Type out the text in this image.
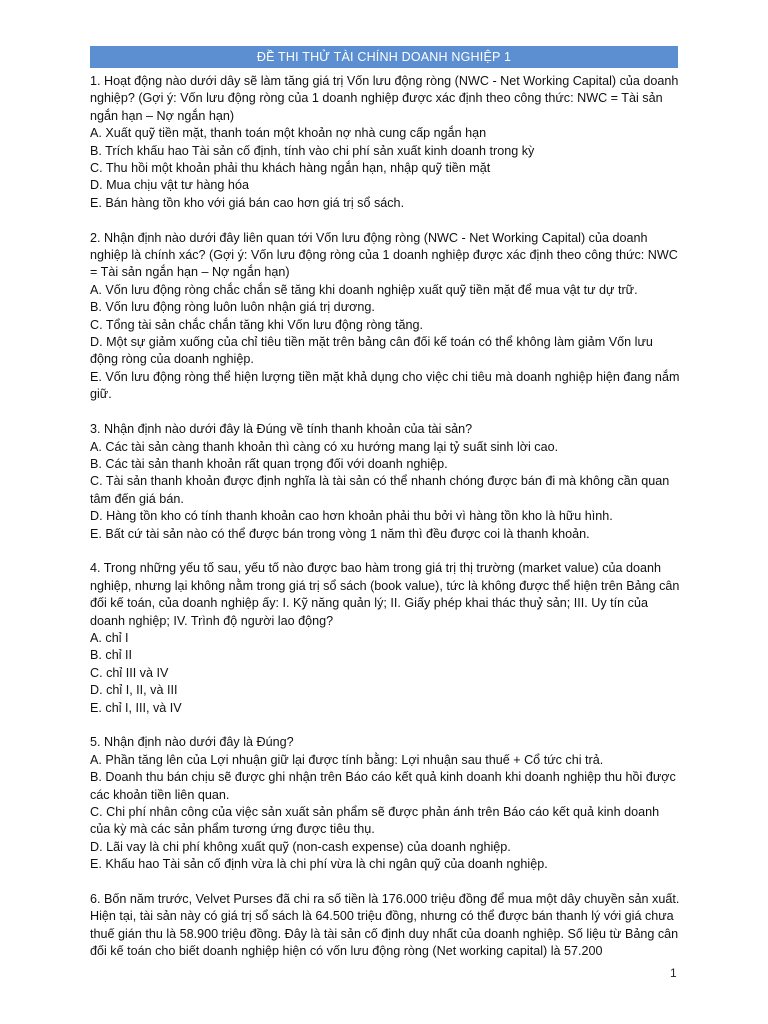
ĐỀ THI THỬ TÀI CHÍNH DOANH NGHIỆP 1

1. Hoạt động nào dưới dây sẽ làm tăng giá trị Vốn lưu động ròng (NWC - Net Working Capital) của doanh nghiệp? (Gợi ý: Vốn lưu động ròng của 1 doanh nghiệp được xác định theo công thức: NWC = Tài sản ngắn hạn – Nợ ngắn hạn)

A. Xuất quỹ tiền mặt, thanh toán một khoản nợ nhà cung cấp ngắn hạn

B. Trích khấu hao Tài sản cố định, tính vào chi phí sản xuất kinh doanh trong kỳ

C. Thu hồi một khoản phải thu khách hàng ngắn hạn, nhập quỹ tiền mặt

D. Mua chịu vật tư hàng hóa

E. Bán hàng tồn kho với giá bán cao hơn giá trị sổ sách.

2. Nhận định nào dưới đây liên quan tới Vốn lưu động ròng (NWC - Net Working Capital) của doanh nghiệp là chính xác? (Gợi ý: Vốn lưu động ròng của 1 doanh nghiệp được xác định theo công thức: NWC = Tài sản ngắn hạn – Nợ ngắn hạn)

A. Vốn lưu động ròng chắc chắn sẽ tăng khi doanh nghiệp xuất quỹ tiền mặt để mua vật tư dự trữ.

B. Vốn lưu động ròng luôn luôn nhận giá trị dương.

C. Tổng tài sản chắc chắn tăng khi Vốn lưu động ròng tăng.

D. Một sự giảm xuống của chỉ tiêu tiền mặt trên bảng cân đối kế toán có thể không làm giảm Vốn lưu động ròng của doanh nghiệp.

E. Vốn lưu động ròng thể hiện lượng tiền mặt khả dụng cho việc chi tiêu mà doanh nghiệp hiện đang nắm giữ.

3. Nhận định nào dưới đây là Đúng về tính thanh khoản của tài sản?

A. Các tài sản càng thanh khoản thì càng có xu hướng mang lại tỷ suất sinh lời cao.

B. Các tài sản thanh khoản rất quan trọng đối với doanh nghiệp.

C. Tài sản thanh khoản được định nghĩa là tài sản có thể nhanh chóng được bán đi mà không cần quan tâm đến giá bán.

D. Hàng tồn kho có tính thanh khoản cao hơn khoản phải thu bởi vì hàng tồn kho là hữu hình.

E. Bất cứ tài sản nào có thể được bán trong vòng 1 năm thì đều được coi là thanh khoản.

4. Trong những yếu tố sau, yếu tố nào được bao hàm trong giá trị thị trường (market value) của doanh nghiệp, nhưng lại không nằm trong giá trị sổ sách (book value), tức là không được thể hiện trên Bảng cân đối kế toán, của doanh nghiệp ấy: I. Kỹ năng quản lý; II. Giấy phép khai thác thuỷ sản; III. Uy tín của doanh nghiệp; IV. Trình độ người lao động?

A. chỉ I

B. chỉ II

C. chỉ III và IV

D. chỉ I, II, và III

E. chỉ I, III, và IV

5. Nhận định nào dưới đây là Đúng?

A. Phần tăng lên của Lợi nhuận giữ lại được tính bằng: Lợi nhuận sau thuế + Cổ tức chi trả.

B. Doanh thu bán chịu sẽ được ghi nhận trên Báo cáo kết quả kinh doanh khi doanh nghiệp thu hồi được các khoản tiền liên quan.

C. Chi phí nhân công của việc sản xuất sản phẩm sẽ được phản ánh trên Báo cáo kết quả kinh doanh của kỳ mà các sản phẩm tương ứng được tiêu thụ.

D. Lãi vay là chi phí không xuất quỹ (non-cash expense) của doanh nghiệp.

E. Khấu hao Tài sản cố định vừa là chi phí vừa là chi ngân quỹ của doanh nghiệp.

6. Bốn năm trước, Velvet Purses đã chi ra số tiền là 176.000 triệu đồng để mua một dây chuyền sản xuất. Hiện tại, tài sản này có giá trị sổ sách là 64.500 triệu đồng, nhưng có thể được bán thanh lý với giá chưa thuế gián thu là 58.900 triệu đồng. Đây là tài sản cố định duy nhất của doanh nghiệp. Số liệu từ Bảng cân đối kế toán cho biết doanh nghiệp hiện có vốn lưu động ròng (Net working capital) là 57.200

1
